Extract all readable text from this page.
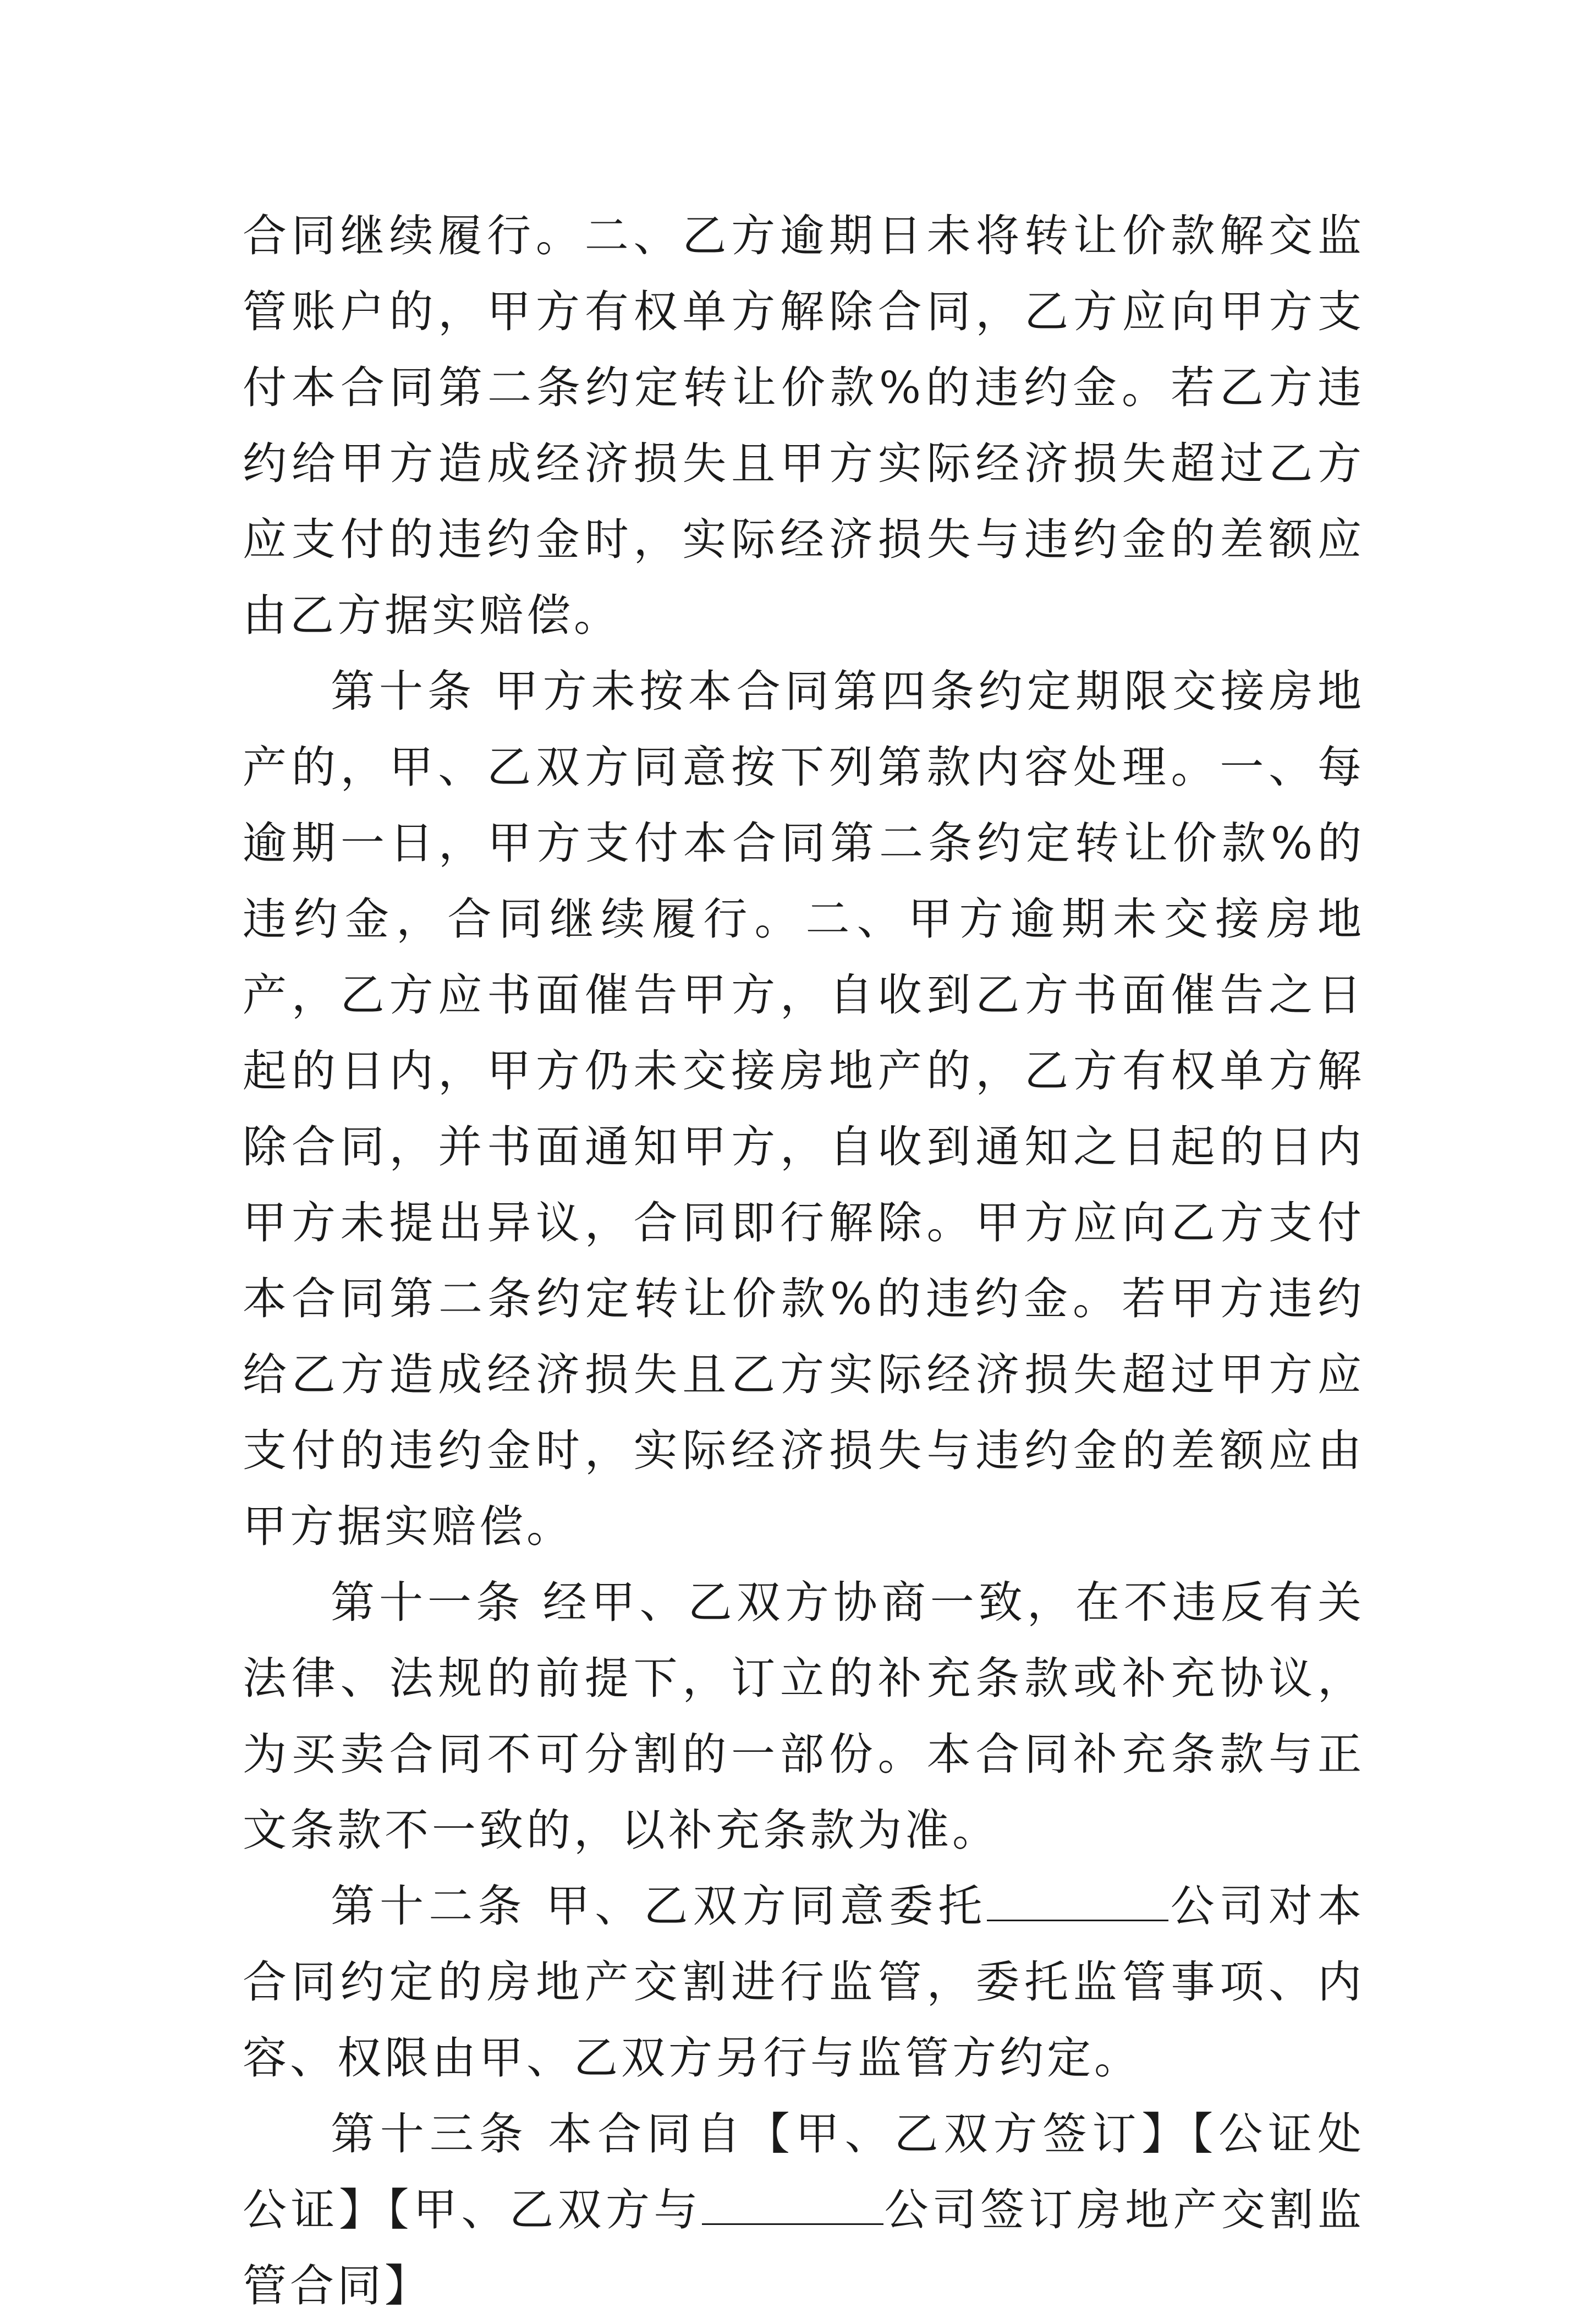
合同继续履行。二、乙方逾期日未将转让价款解交监管账户的，甲方有权单方解除合同，乙方应向甲方支付本合同第二条约定转让价款%的违约金。若乙方违约给甲方造成经济损失且甲方实际经济损失超过乙方应支付的违约金时，实际经济损失与违约金的差额应由乙方据实赔偿。

第十条 甲方未按本合同第四条约定期限交接房地产的，甲、乙双方同意按下列第款内容处理。一、每逾期一日，甲方支付本合同第二条约定转让价款%的违约金，合同继续履行。二、甲方逾期未交接房地产，乙方应书面催告甲方，自收到乙方书面催告之日起的日内，甲方仍未交接房地产的，乙方有权单方解除合同，并书面通知甲方，自收到通知之日起的日内甲方未提出异议，合同即行解除。甲方应向乙方支付本合同第二条约定转让价款%的违约金。若甲方违约给乙方造成经济损失且乙方实际经济损失超过甲方应支付的违约金时，实际经济损失与违约金的差额应由甲方据实赔偿。

第十一条 经甲、乙双方协商一致，在不违反有关法律、法规的前提下，订立的补充条款或补充协议，为买卖合同不可分割的一部份。本合同补充条款与正文条款不一致的，以补充条款为准。

第十二条 甲、乙双方同意委托	公司对本合同约定的房地产交割进行监管，委托监管事项、内容、权限由甲、乙双方另行与监管方约定。

第十三条 本合同自【甲、乙双方签订】【公证处公证】【甲、乙双方与	公司签订房地产交割监管合同】
